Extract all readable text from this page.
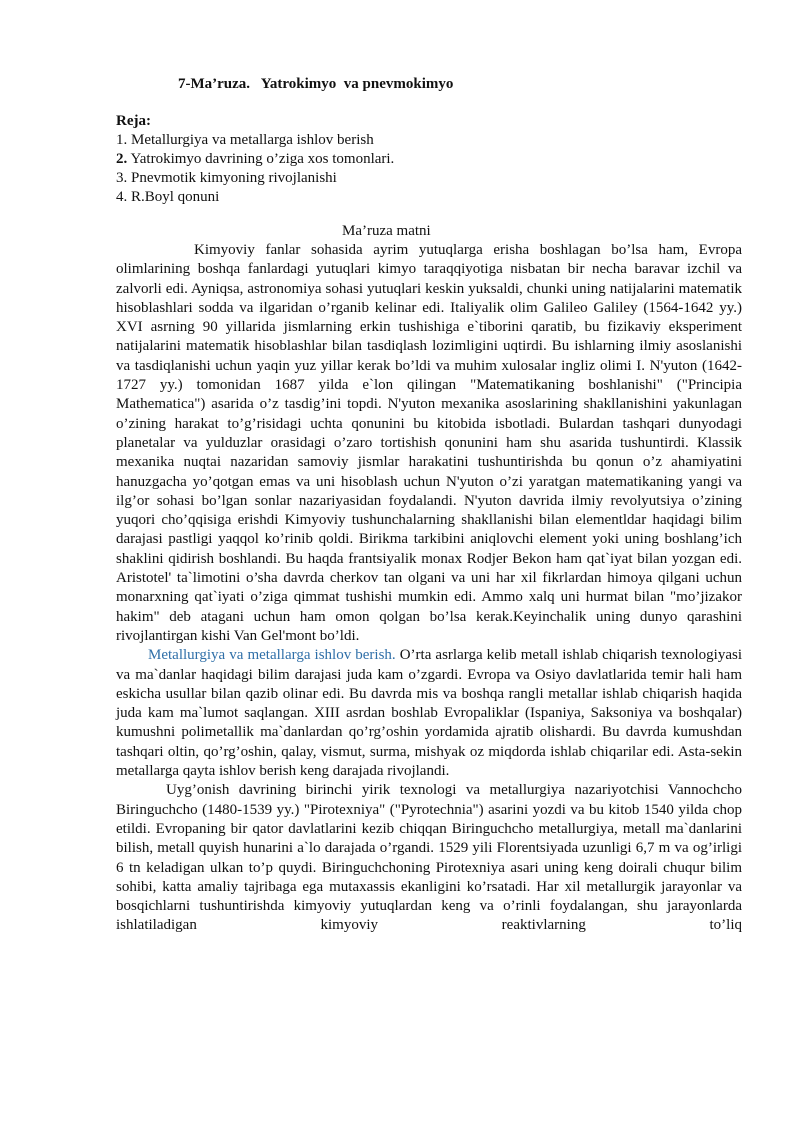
7-Ma’ruza.   Yatrokimyo  va pnevmokimyo
Reja:
1. Metallurgiya va metallarga ishlov berish
2. Yatrokimyo davrining o’ziga xos tomonlari.
3. Pnevmotik kimyoning rivojlanishi
4. R.Boyl qonuni
Ma’ruza matni

Kimyoviy fanlar sohasida ayrim yutuqlarga erisha boshlagan bo’lsa ham, Evropa olimlarining boshqa fanlardagi yutuqlari kimyo taraqqiyotiga nisbatan bir necha baravar izchil va zalvorli edi. Ayniqsa, astronomiya sohasi yutuqlari keskin yuksaldi, chunki uning natijalarini matematik hisoblashlari sodda va ilgaridan o’rganib kelinar edi. Italiyalik olim Galileo Galiley (1564-1642 yy.) XVI asrning 90 yillarida jismlarning erkin tushishiga e`tiborini qaratib, bu fizikaviy eksperiment natijalarini matematik hisoblashlar bilan tasdiqlash lozimligini uqtirdi. Bu ishlarning ilmiy asoslanishi va tasdiqlanishi uchun yaqin yuz yillar kerak bo’ldi va muhim xulosalar ingliz olimi I. N'yuton (1642-1727 yy.) tomonidan 1687 yilda e`lon qilingan "Matematikaning boshlanishi" ("Principia Mathematica") asarida o’z tasdig’ini topdi. N'yuton mexanika asoslarining shakllanishini yakunlagan o’zining harakat to’g’risidagi uchta qonunini bu kitobida isbotladi. Bulardan tashqari dunyodagi planetalar va yulduzlar orasidagi o’zaro tortishish qonunini ham shu asarida tushuntirdi. Klassik mexanika nuqtai nazaridan samoviy jismlar harakatini tushuntirishda bu qonun o’z ahamiyatini hanuzgacha yo’qotgan emas va uni hisoblash uchun N'yuton o’zi yaratgan matematikaning yangi va ilg’or sohasi bo’lgan sonlar nazariyasidan foydalandi. N'yuton davrida ilmiy revolyutsiya o’zining yuqori cho’qqisiga erishdi Kimyoviy tushunchalarning shakllanishi bilan elementldar haqidagi bilim darajasi pastligi yaqqol ko’rinib qoldi. Birikma tarkibini aniqlovchi element yoki uning boshlang’ich shaklini qidirish boshlandi. Bu haqda frantsiyalik monax Rodjer Bekon ham qat`iyat bilan yozgan edi. Aristotel' ta`limotini o’sha davrda cherkov tan olgani va uni har xil fikrlardan himoya qilgani uchun monarxning qat`iyati o’ziga qimmat tushishi mumkin edi. Ammo xalq uni hurmat bilan "mo’jizakor hakim" deb atagani uchun ham omon qolgan bo’lsa kerak.Keyinchalik uning dunyo qarashini rivojlantirgan kishi Van Gel'mont bo’ldi.

Metallurgiya va metallarga ishlov berish. O’rta asrlarga kelib metall ishlab chiqarish texnologiyasi va ma`danlar haqidagi bilim darajasi juda kam o’zgardi. Evropa va Osiyo davlatlarida temir hali ham eskicha usullar bilan qazib olinar edi. Bu davrda mis va boshqa rangli metallar ishlab chiqarish haqida juda kam ma`lumot saqlangan. XIII asrdan boshlab Evropaliklar (Ispaniya, Saksoniya va boshqalar) kumushni polimetallik ma`danlardan qo’rg’oshin yordamida ajratib olishardi. Bu davrda kumushdan tashqari oltin, qo’rg’oshin, qalay, vismut, surma, mishyak oz miqdorda ishlab chiqarilar edi. Asta-sekin metallarga qayta ishlov berish keng darajada rivojlandi.

Uyg’onish davrining birinchi yirik texnologi va metallurgiya nazariyotchisi Vannochcho Biringuchcho (1480-1539 yy.) "Pirotexniya" ("Pyrotechnia") asarini yozdi va bu kitob 1540 yilda chop etildi. Evropaning bir qator davlatlarini kezib chiqqan Biringuchcho metallurgiya, metall ma`danlarini bilish, metall quyish hunarini a`lo darajada o’rgandi. 1529 yili Florentsiyada uzunligi 6,7 m va og’irligi 6 tn keladigan ulkan to’p quydi. Biringuchchoning Pirotexniya asari uning keng doirali chuqur bilim sohibi, katta amaliy tajribaga ega mutaxassis ekanligini ko’rsatadi. Har xil metallurgik jarayonlar va bosqichlarni tushuntirishda kimyoviy yutuqlardan keng va o’rinli foydalangan, shu jarayonlarda ishlatiladigan kimyoviy reaktivlarning to’liq
